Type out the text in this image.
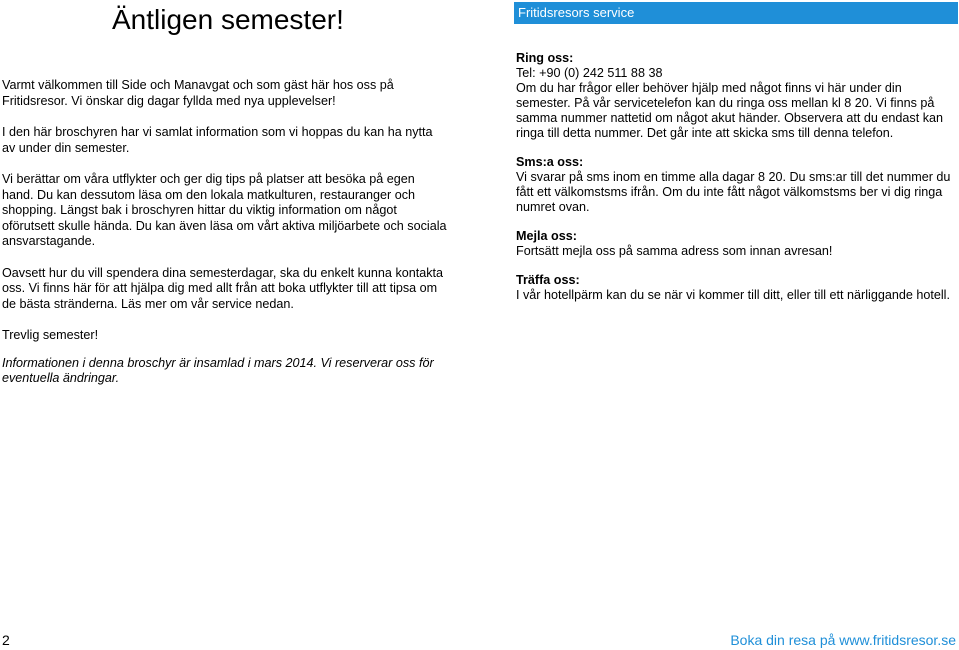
Äntligen semester!

Varmt välkommen till Side och Manavgat och som gäst här hos oss på Fritidsresor. Vi önskar dig dagar fyllda med nya upplevelser!

I den här broschyren har vi samlat information som vi hoppas du kan ha nytta av under din semester.

Vi berättar om våra utflykter och ger dig tips på platser att besöka på egen hand. Du kan dessutom läsa om den lokala matkulturen, restauranger och shopping. Längst bak i broschyren hittar du viktig information om något oförutsett skulle hända. Du kan även läsa om vårt aktiva miljöarbete och sociala ansvarstagande.

Oavsett hur du vill spendera dina semesterdagar, ska du enkelt kunna kontakta oss. Vi finns här för att hjälpa dig med allt från att boka utflykter till att tipsa om de bästa stränderna. Läs mer om vår service nedan.

Trevlig semester!

Informationen i denna broschyr är insamlad i mars 2014. Vi reserverar oss för eventuella ändringar.

Fritidsresors service
Ring oss:
Tel: +90 (0) 242 511 88 38
Om du har frågor eller behöver hjälp med något finns vi här under din semester. På vår servicetelefon kan du ringa oss mellan kl 8 20. Vi finns på samma nummer nattetid om något akut händer. Observera att du endast kan ringa till detta nummer. Det går inte att skicka sms till denna telefon.
Sms:a oss:
Vi svarar på sms inom en timme alla dagar 8 20. Du sms:ar till det nummer du fått ett välkomstsms ifrån. Om du inte fått något välkomstsms ber vi dig ringa numret ovan.
Mejla oss:
Fortsätt mejla oss på samma adress som innan avresan!
Träffa oss:
I vår hotellpärm kan du se när vi kommer till ditt, eller till ett närliggande hotell.
2	Boka din resa på www.fritidsresor.se
